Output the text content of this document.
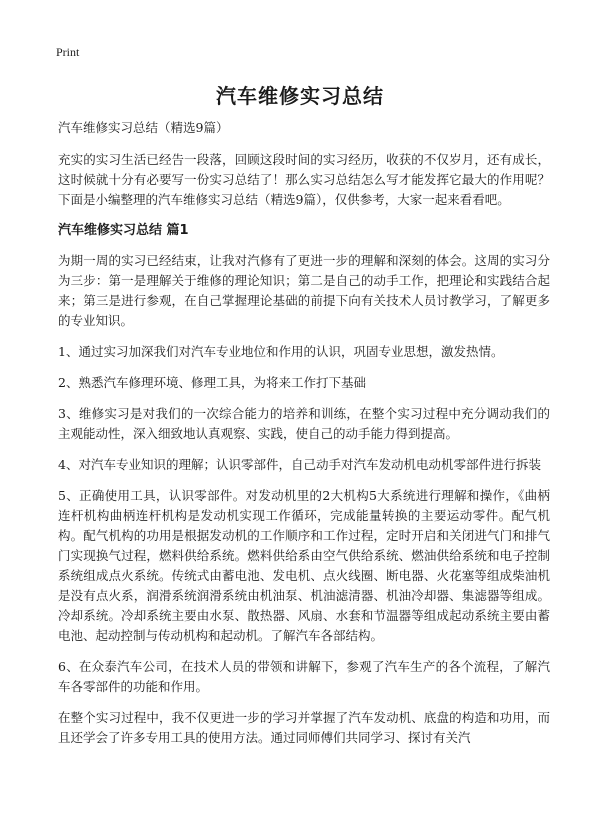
Print
汽车维修实习总结

汽车维修实习总结（精选9篇）

充实的实习生活已经告一段落，回顾这段时间的实习经历，收获的不仅岁月，还有成长，这时候就十分有必要写一份实习总结了！那么实习总结怎么写才能发挥它最大的作用呢？下面是小编整理的汽车维修实习总结（精选9篇），仅供参考，大家一起来看看吧。

汽车维修实习总结 篇1

为期一周的实习已经结束，让我对汽修有了更进一步的理解和深刻的体会。这周的实习分为三步：第一是理解关于维修的理论知识；第二是自己的动手工作，把理论和实践结合起来；第三是进行参观，在自己掌握理论基础的前提下向有关技术人员讨教学习，了解更多的专业知识。

1、通过实习加深我们对汽车专业地位和作用的认识，巩固专业思想，激发热情。

2、熟悉汽车修理环境、修理工具，为将来工作打下基础

3、维修实习是对我们的一次综合能力的培养和训练，在整个实习过程中充分调动我们的主观能动性，深入细致地认真观察、实践，使自己的动手能力得到提高。

4、对汽车专业知识的理解；认识零部件，自己动手对汽车发动机电动机零部件进行拆装

5、正确使用工具，认识零部件。对发动机里的2大机构5大系统进行理解和操作，《曲柄连杆机构曲柄连杆机构是发动机实现工作循环，完成能量转换的主要运动零件。配气机构。配气机构的功用是根据发动机的工作顺序和工作过程，定时开启和关闭进气门和排气门实现换气过程，燃料供给系统。燃料供给系由空气供给系统、燃油供给系统和电子控制系统组成点火系统。传统式由蓄电池、发电机、点火线圈、断电器、火花塞等组成柴油机是没有点火系，润滑系统润滑系统由机油泵、机油滤清器、机油冷却器、集滤器等组成。冷却系统。冷却系统主要由水泵、散热器、风扇、水套和节温器等组成起动系统主要由蓄电池、起动控制与传动机构和起动机。了解汽车各部结构。

6、在众泰汽车公司，在技术人员的带领和讲解下，参观了汽车生产的各个流程，了解汽车各零部件的功能和作用。

在整个实习过程中，我不仅更进一步的学习并掌握了汽车发动机、底盘的构造和功用，而且还学会了许多专用工具的使用方法。通过同师傅们共同学习、探讨有关汽
